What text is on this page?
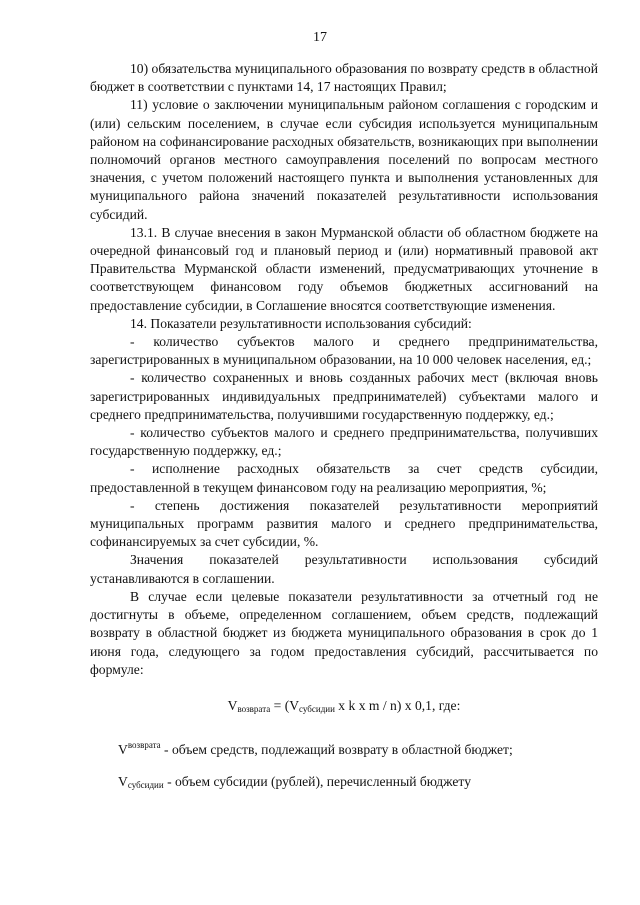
17

10) обязательства муниципального образования по возврату средств в областной бюджет в соответствии с пунктами 14, 17 настоящих Правил;

11) условие о заключении муниципальным районом соглашения с городским и (или) сельским поселением, в случае если субсидия используется муниципальным районом на софинансирование расходных обязательств, возникающих при выполнении полномочий органов местного самоуправления поселений по вопросам местного значения, с учетом положений настоящего пункта и выполнения установленных для муниципального района значений показателей результативности использования субсидий.

13.1. В случае внесения в закон Мурманской области об областном бюджете на очередной финансовый год и плановый период и (или) нормативный правовой акт Правительства Мурманской области изменений, предусматривающих уточнение в соответствующем финансовом году объемов бюджетных ассигнований на предоставление субсидии, в Соглашение вносятся соответствующие изменения.

14. Показатели результативности использования субсидий:

- количество субъектов малого и среднего предпринимательства, зарегистрированных в муниципальном образовании, на 10 000 человек населения, ед.;

- количество сохраненных и вновь созданных рабочих мест (включая вновь зарегистрированных индивидуальных предпринимателей) субъектами малого и среднего предпринимательства, получившими государственную поддержку, ед.;

- количество субъектов малого и среднего предпринимательства, получивших государственную поддержку, ед.;

- исполнение расходных обязательств за счет средств субсидии, предоставленной в текущем финансовом году на реализацию мероприятия, %;

- степень достижения показателей результативности мероприятий муниципальных программ развития малого и среднего предпринимательства, софинансируемых за счет субсидии, %.

Значения показателей результативности использования субсидий устанавливаются в соглашении.

В случае если целевые показатели результативности за отчетный год не достигнуты в объеме, определенном соглашением, объем средств, подлежащий возврату в областной бюджет из бюджета муниципального образования в срок до 1 июня года, следующего за годом предоставления субсидий, рассчитывается по формуле:

$V_{возврата} = (V_{субсидии}$ x k x m / n) x 0,1, где:

$V^{возврата}$ - объем средств, подлежащий возврату в областной бюджет;

$V_{субсидии}$ - объем субсидии (рублей), перечисленный бюджету
